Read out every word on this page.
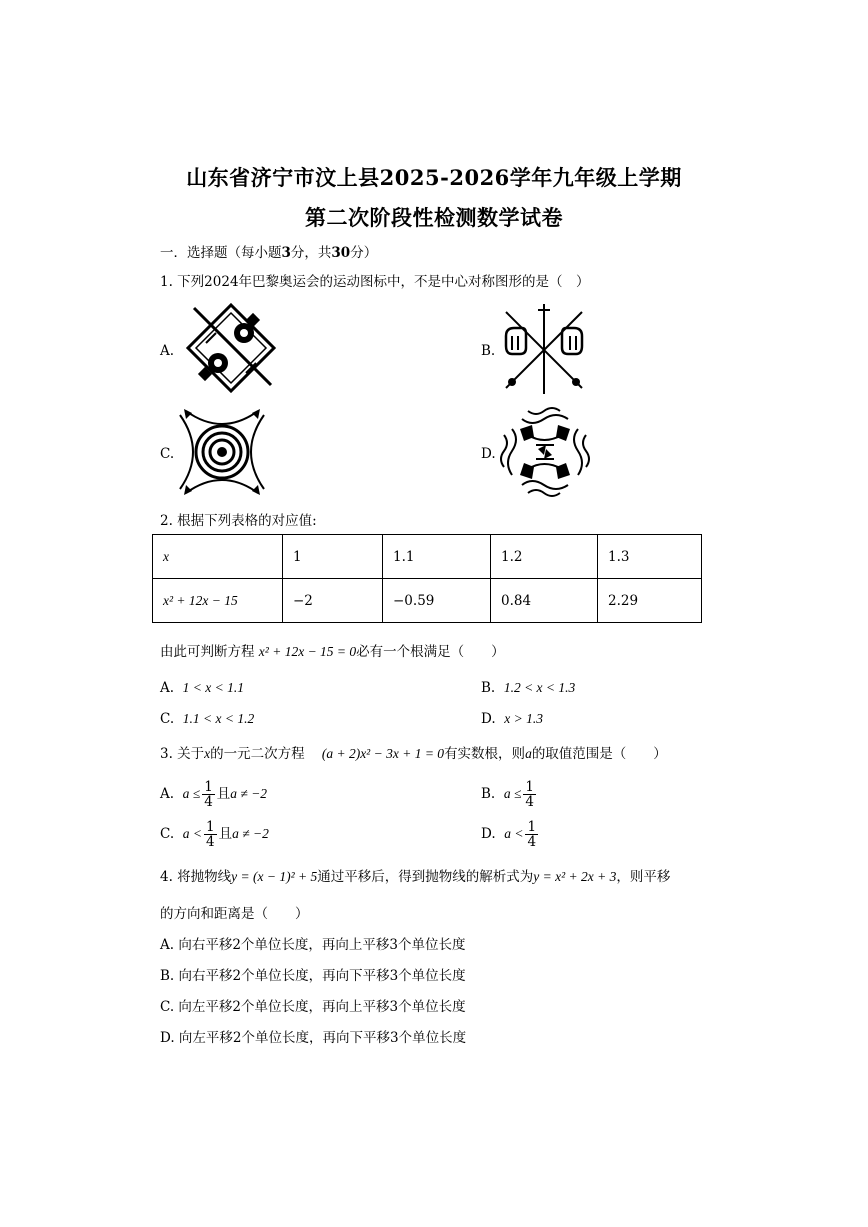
山东省济宁市汶上县2025-2026学年九年级上学期
第二次阶段性检测数学试卷
一．选择题（每小题3分，共30分）
1. 下列2024年巴黎奥运会的运动图标中，不是中心对称图形的是（　）
A.	B.
C.	D.
2. 根据下列表格的对应值:
x	1	1.1	1.2	1.3
x² + 12x − 15	−2	−0.59	0.84	2.29
由此可判断方程 x² + 12x − 15 = 0必有一个根满足（　　）
A. 1 < x < 1.1	B. 1.2 < x < 1.3
C. 1.1 < x < 1.2	D. x > 1.3
3. 关于x的一元二次方程 (a + 2)x² − 3x + 1 = 0有实数根，则a的取值范围是（　　）
A. $a \le \frac{1}{4}$ 且a ≠ −2	B. $a \le \frac{1}{4}$
C. $a < \frac{1}{4}$ 且a ≠ −2	D. $a < \frac{1}{4}$
4. 将抛物线y = (x − 1)² + 5通过平移后，得到抛物线的解析式为y = x² + 2x + 3，则平移
的方向和距离是（　　）
A. 向右平移2个单位长度，再向上平移3个单位长度
B. 向右平移2个单位长度，再向下平移3个单位长度
C. 向左平移2个单位长度，再向上平移3个单位长度
D. 向左平移2个单位长度，再向下平移3个单位长度
